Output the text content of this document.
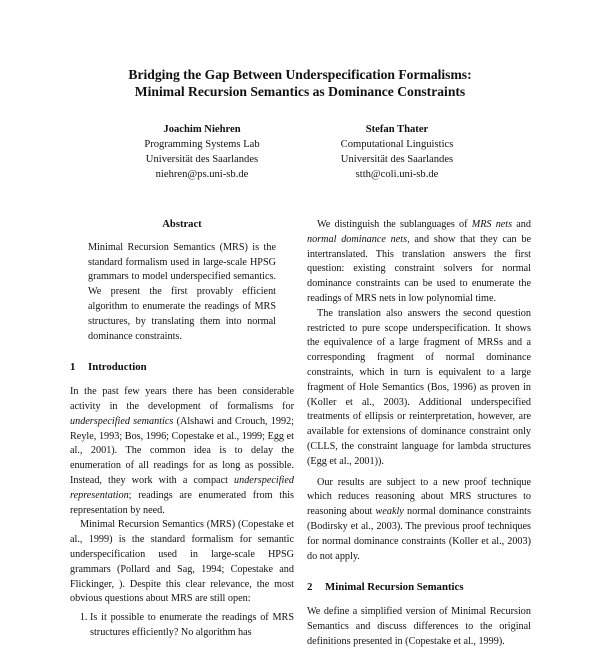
Bridging the Gap Between Underspecification Formalisms:
Minimal Recursion Semantics as Dominance Constraints
Joachim Niehren
Programming Systems Lab
Universität des Saarlandes
niehren@ps.uni-sb.de
Stefan Thater
Computational Linguistics
Universität des Saarlandes
stth@coli.uni-sb.de
Abstract

Minimal Recursion Semantics (MRS) is the standard formalism used in large-scale HPSG grammars to model underspecified semantics. We present the first provably efficient algorithm to enumerate the readings of MRS structures, by translating them into normal dominance constraints.

1 Introduction

In the past few years there has been considerable activity in the development of formalisms for underspecified semantics (Alshawi and Crouch, 1992; Reyle, 1993; Bos, 1996; Copestake et al., 1999; Egg et al., 2001). The common idea is to delay the enumeration of all readings for as long as possible. Instead, they work with a compact underspecified representation; readings are enumerated from this representation by need.

Minimal Recursion Semantics (MRS) (Copestake et al., 1999) is the standard formalism for semantic underspecification used in large-scale HPSG grammars (Pollard and Sag, 1994; Copestake and Flickinger, ). Despite this clear relevance, the most obvious questions about MRS are still open:

1. Is it possible to enumerate the readings of MRS structures efficiently? No algorithm has

We distinguish the sublanguages of MRS nets and normal dominance nets, and show that they can be intertranslated. This translation answers the first question: existing constraint solvers for normal dominance constraints can be used to enumerate the readings of MRS nets in low polynomial time.

The translation also answers the second question restricted to pure scope underspecification. It shows the equivalence of a large fragment of MRSs and a corresponding fragment of normal dominance constraints, which in turn is equivalent to a large fragment of Hole Semantics (Bos, 1996) as proven in (Koller et al., 2003). Additional underspecified treatments of ellipsis or reinterpretation, however, are available for extensions of dominance constraint only (CLLS, the constraint language for lambda structures (Egg et al., 2001)).

Our results are subject to a new proof technique which reduces reasoning about MRS structures to reasoning about weakly normal dominance constraints (Bodirsky et al., 2003). The previous proof techniques for normal dominance constraints (Koller et al., 2003) do not apply.

2 Minimal Recursion Semantics

We define a simplified version of Minimal Recursion Semantics and discuss differences to the original definitions presented in (Copestake et al., 1999).
